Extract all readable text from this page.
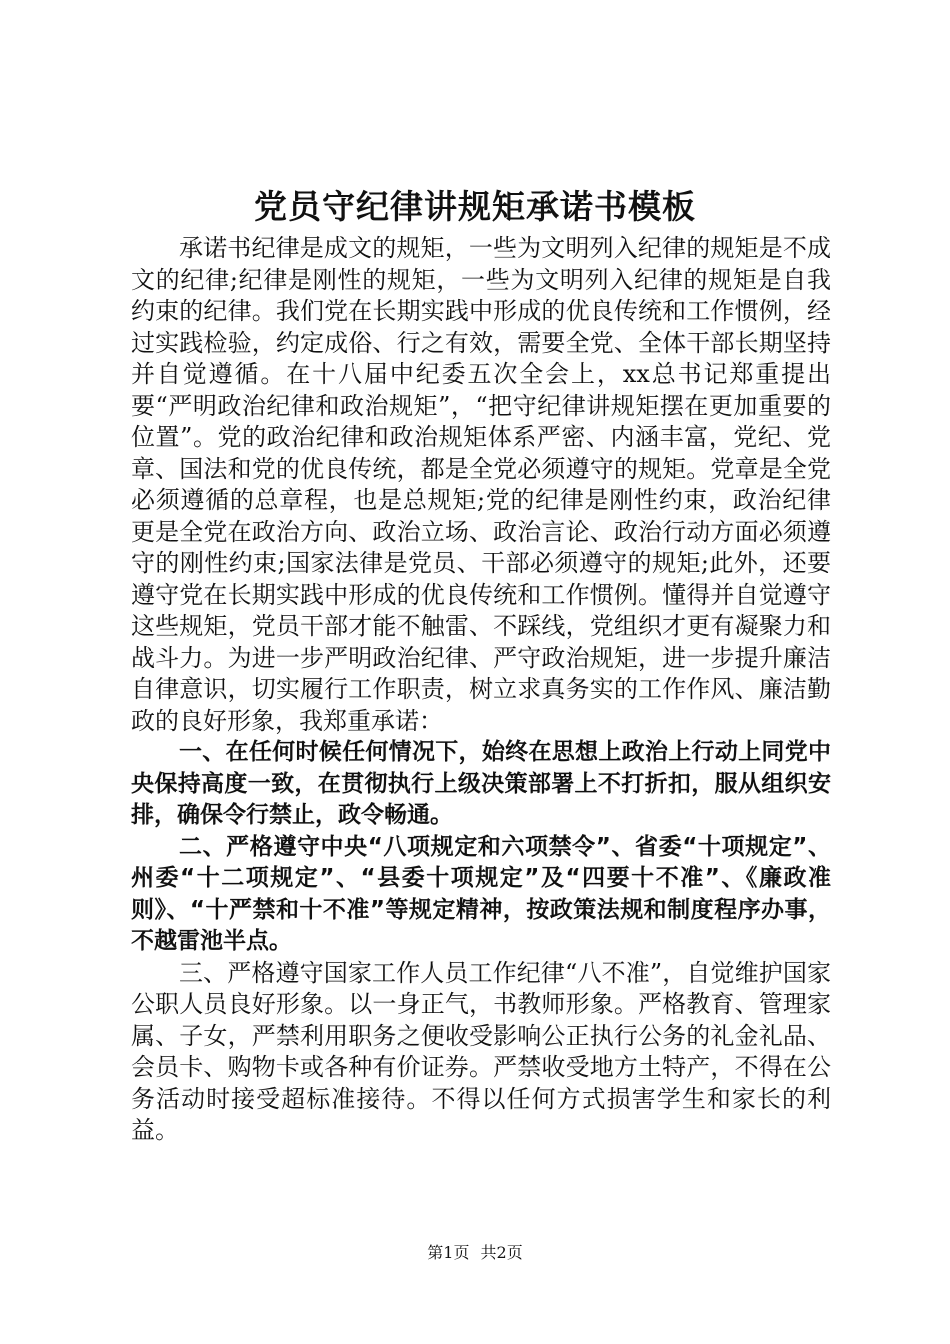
党员守纪律讲规矩承诺书模板

承诺书纪律是成文的规矩，一些为文明列入纪律的规矩是不成文的纪律;纪律是刚性的规矩，一些为文明列入纪律的规矩是自我约束的纪律。我们党在长期实践中形成的优良传统和工作惯例，经过实践检验，约定成俗、行之有效，需要全党、全体干部长期坚持并自觉遵循。在十八届中纪委五次全会上，xx总书记郑重提出要“严明政治纪律和政治规矩”，“把守纪律讲规矩摆在更加重要的位置”。党的政治纪律和政治规矩体系严密、内涵丰富，党纪、党章、国法和党的优良传统，都是全党必须遵守的规矩。党章是全党必须遵循的总章程，也是总规矩;党的纪律是刚性约束，政治纪律更是全党在政治方向、政治立场、政治言论、政治行动方面必须遵守的刚性约束;国家法律是党员、干部必须遵守的规矩;此外，还要遵守党在长期实践中形成的优良传统和工作惯例。懂得并自觉遵守这些规矩，党员干部才能不触雷、不踩线，党组织才更有凝聚力和战斗力。为进一步严明政治纪律、严守政治规矩，进一步提升廉洁自律意识，切实履行工作职责，树立求真务实的工作作风、廉洁勤政的良好形象，我郑重承诺：

一、在任何时候任何情况下，始终在思想上政治上行动上同党中央保持高度一致，在贯彻执行上级决策部署上不打折扣，服从组织安排，确保令行禁止，政令畅通。

二、严格遵守中央“八项规定和六项禁令”、省委“十项规定”、州委“十二项规定”、“县委十项规定”及“四要十不准”、《廉政准则》、“十严禁和十不准”等规定精神，按政策法规和制度程序办事，不越雷池半点。

三、严格遵守国家工作人员工作纪律“八不准”，自觉维护国家公职人员良好形象。以一身正气，书教师形象。严格教育、管理家属、子女，严禁利用职务之便收受影响公正执行公务的礼金礼品、会员卡、购物卡或各种有价证券。严禁收受地方土特产，不得在公务活动时接受超标准接待。不得以任何方式损害学生和家长的利益。

第1页 共2页
